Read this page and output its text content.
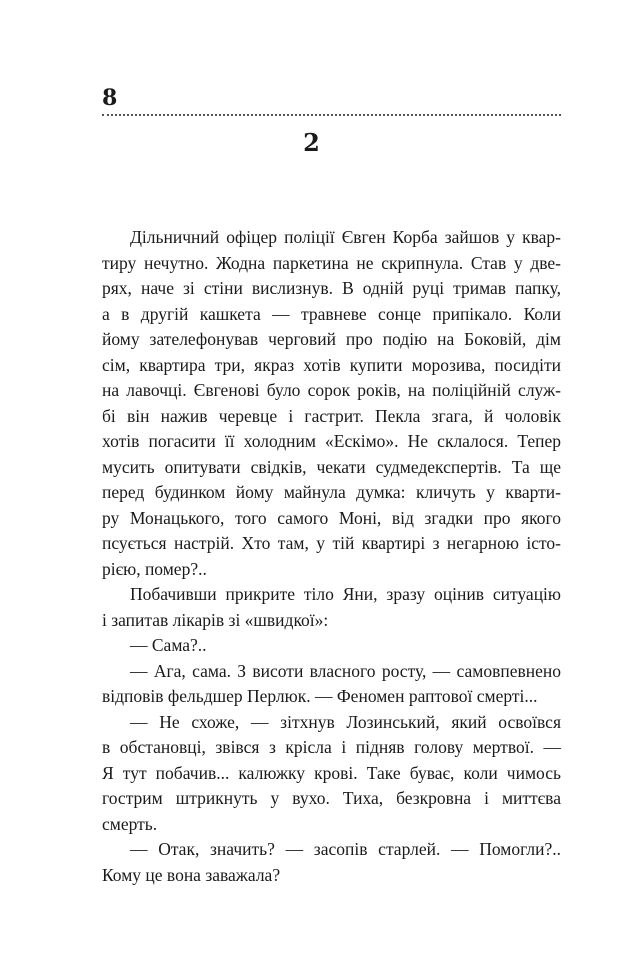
8
2
Дільничний офіцер поліції Євген Корба зайшов у квар-
тиру нечутно. Жодна паркетина не скрипнула. Став у две-
рях, наче зі стіни вислизнув. В одній руці тримав папку,
а в другій кашкета — травневе сонце припікало. Коли
йому зателефонував черговий про подію на Боковій, дім
сім, квартира три, якраз хотів купити морозива, посидіти
на лавочці. Євгенові було сорок років, на поліційній служ-
бі він нажив черевце і гастрит. Пекла згага, й чоловік
хотів погасити її холодним «Ескімо». Не склалося. Тепер
мусить опитувати свідків, чекати судмедекспертів. Та ще
перед будинком йому майнула думка: кличуть у кварти-
ру Монацького, того самого Моні, від згадки про якого
псується настрій. Хто там, у тій квартирі з негарною істо-
рією, помер?..
Побачивши прикрите тіло Яни, зразу оцінив ситуацію
і запитав лікарів зі «швидкої»:
— Сама?..
— Ага, сама. З висоти власного росту, — самовпевнено
відповів фельдшер Перлюк. — Феномен раптової смерті...
— Не схоже, — зітхнув Лозинський, який освоївся
в обстановці, звівся з крісла і підняв голову мертвої. —
Я тут побачив... калюжку крові. Таке буває, коли чимось
гострим штрикнуть у вухо. Тиха, безкровна і миттєва
смерть.
— Отак, значить? — засопів старлей. — Помогли?..
Кому це вона заважала?
